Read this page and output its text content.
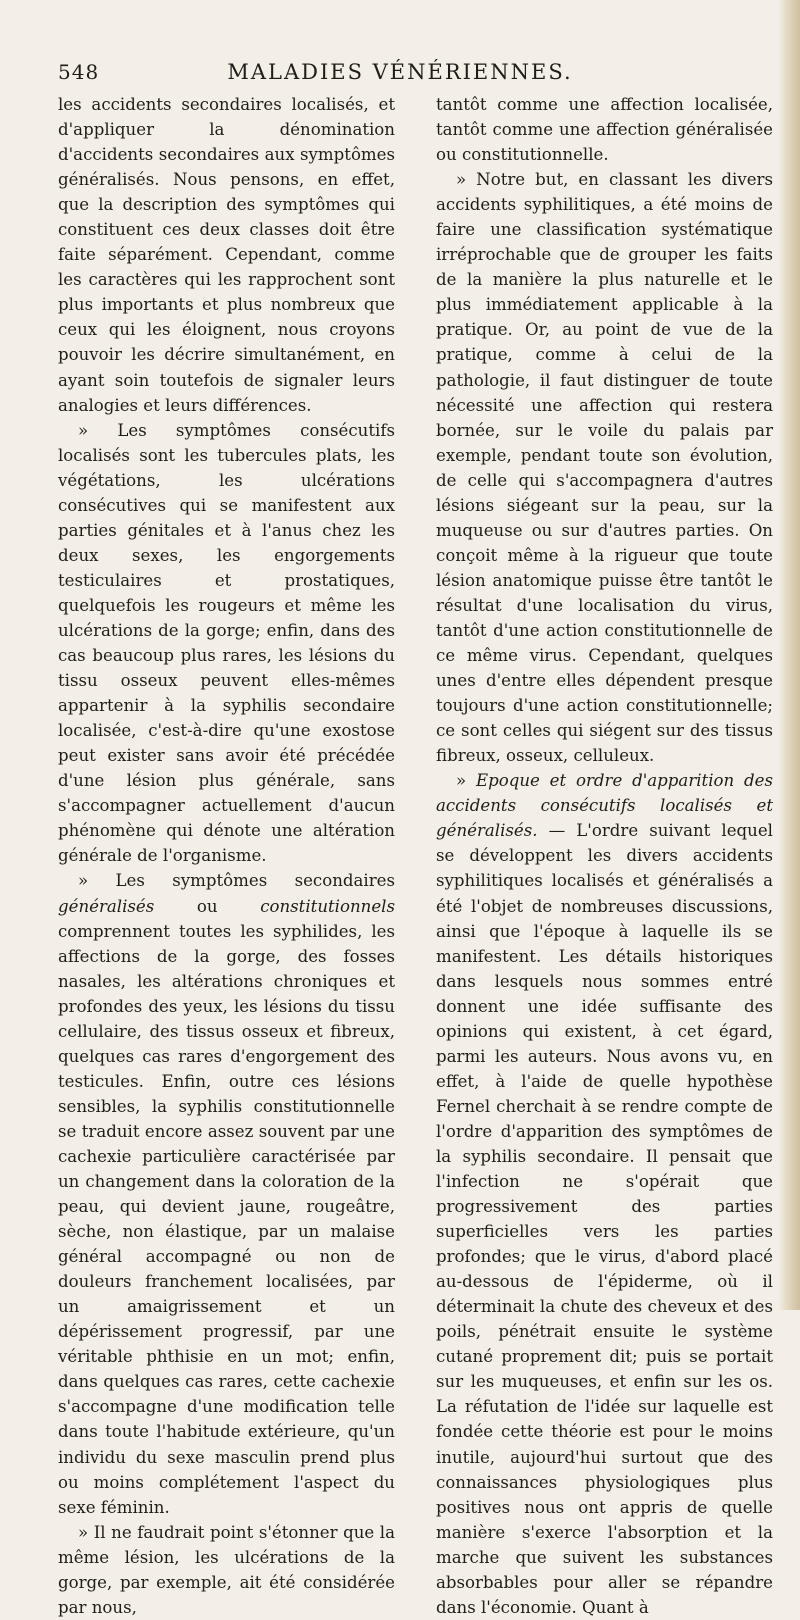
548	MALADIES VÉNÉRIENNES.

les accidents secondaires localisés, et d'appliquer la dénomination d'accidents secondaires aux symptômes généralisés. Nous pensons, en effet, que la description des symptômes qui constituent ces deux classes doit être faite séparément. Cependant, comme les caractères qui les rapprochent sont plus importants et plus nombreux que ceux qui les éloignent, nous croyons pouvoir les décrire simultanément, en ayant soin toutefois de signaler leurs analogies et leurs différences.

» Les symptômes consécutifs localisés sont les tubercules plats, les végétations, les ulcérations consécutives qui se manifestent aux parties génitales et à l'anus chez les deux sexes, les engorgements testiculaires et prostatiques, quelquefois les rougeurs et même les ulcérations de la gorge; enfin, dans des cas beaucoup plus rares, les lésions du tissu osseux peuvent elles-mêmes appartenir à la syphilis secondaire localisée, c'est-à-dire qu'une exostose peut exister sans avoir été précédée d'une lésion plus générale, sans s'accompagner actuellement d'aucun phénomène qui dénote une altération générale de l'organisme.

» Les symptômes secondaires généralisés	ou	constitutionnels comprennent toutes les syphilides, les affections de la gorge, des fosses nasales, les altérations chroniques et profondes des yeux, les lésions du tissu cellulaire, des tissus osseux et fibreux, quelques cas rares d'engorgement des testicules. Enfin, outre ces lésions sensibles, la syphilis constitutionnelle se traduit encore assez souvent par une cachexie particulière caractérisée par un changement dans la coloration de la peau, qui devient jaune, rougeâtre, sèche, non élastique, par un malaise général accompagné ou non de douleurs franchement localisées, par un amaigrissement et un dépérissement progressif, par une véritable phthisie en un mot; enfin, dans quelques cas rares, cette cachexie s'accompagne d'une modification telle dans toute l'habitude extérieure, qu'un individu du sexe masculin prend plus ou moins complétement l'aspect du sexe féminin.

» Il ne faudrait point s'étonner que la même lésion, les ulcérations de la gorge, par exemple, ait été considérée par nous,

tantôt comme une affection localisée, tantôt comme une affection généralisée ou constitutionnelle.

» Notre but, en classant les divers accidents syphilitiques, a été moins de faire une classification systématique irréprochable que de grouper les faits de la manière la plus naturelle et le plus immédiatement applicable à la pratique. Or, au point de vue de la pratique, comme à celui de la pathologie, il faut distinguer de toute nécessité une affection qui restera bornée, sur le voile du palais par exemple, pendant toute son évolution, de celle qui s'accompagnera d'autres lésions siégeant sur la peau, sur la muqueuse ou sur d'autres parties. On conçoit même à la rigueur que toute lésion anatomique puisse être tantôt le résultat d'une localisation du virus, tantôt d'une action constitutionnelle de ce même virus. Cependant, quelques unes d'entre elles dépendent presque toujours d'une action constitutionnelle; ce sont celles qui siégent sur des tissus fibreux, osseux, celluleux.

» Epoque et ordre d'apparition des accidents consécutifs localisés et généralisés. — L'ordre suivant lequel se développent les divers accidents syphilitiques localisés et généralisés a été l'objet de nombreuses discussions, ainsi que l'époque à laquelle ils se manifestent. Les détails historiques dans lesquels nous sommes entré donnent une idée suffisante des opinions qui existent, à cet égard, parmi les auteurs. Nous avons vu, en effet, à l'aide de quelle hypothèse Fernel cherchait à se rendre compte de l'ordre d'apparition des symptômes de la syphilis secondaire. Il pensait que l'infection ne s'opérait que progressivement des parties superficielles vers les parties profondes; que le virus, d'abord placé au-dessous de l'épiderme, où il déterminait la chute des cheveux et des poils, pénétrait ensuite le système cutané proprement dit; puis se portait sur les muqueuses, et enfin sur les os. La réfutation de l'idée sur laquelle est fondée cette théorie est pour le moins inutile, aujourd'hui surtout que des connaissances physiologiques plus positives nous ont appris de quelle manière s'exerce l'absorption et la marche que suivent les substances absorbables pour aller se répandre dans l'économie. Quant à
